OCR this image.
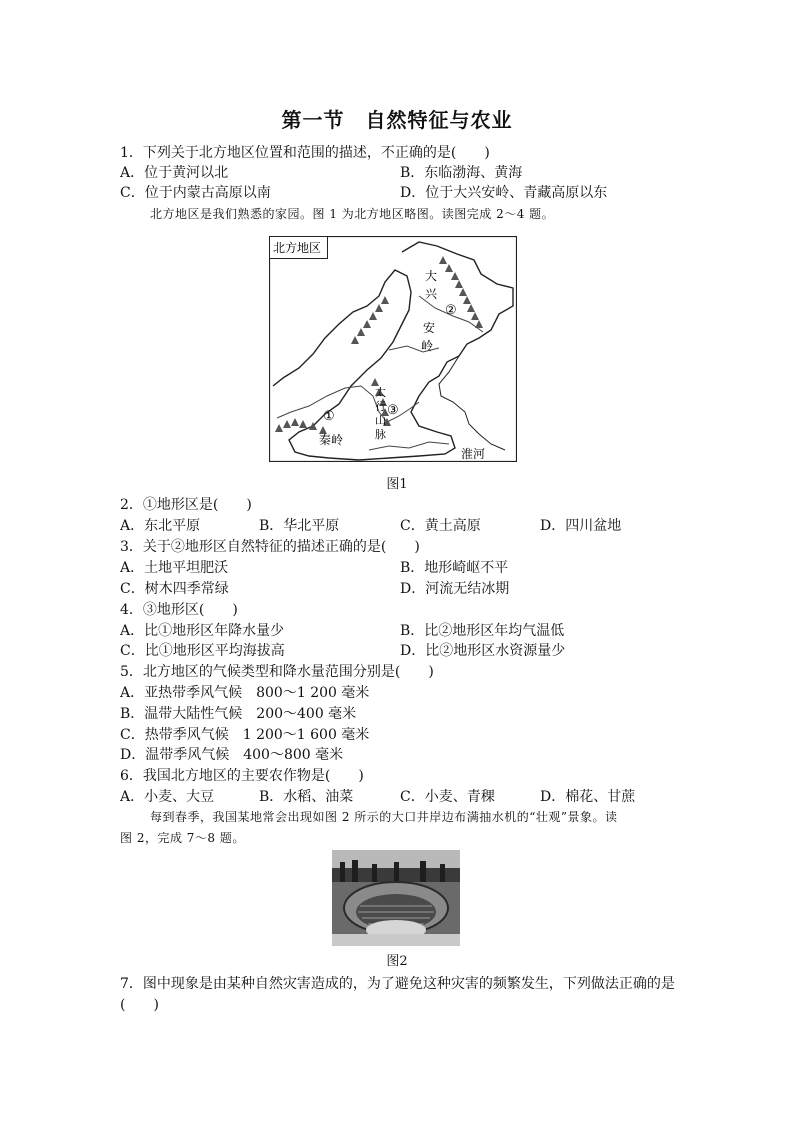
第一节　自然特征与农业
1．下列关于北方地区位置和范围的描述，不正确的是(　　)
A．位于黄河以北	B．东临渤海、黄海
C．位于内蒙古高原以南	D．位于大兴安岭、青藏高原以东
北方地区是我们熟悉的家园。图 1 为北方地区略图。读图完成 2～4 题。
北方地区
大
兴
安
岭
②
太
行
山
脉
③
①
秦岭
淮河
图1
2．①地形区是(　　)
A．东北平原	B．华北平原	C．黄土高原	D．四川盆地
3．关于②地形区自然特征的描述正确的是(　　)
A．土地平坦肥沃	B．地形崎岖不平
C．树木四季常绿	D．河流无结冰期
4．③地形区(　　)
A．比①地形区年降水量少	B．比②地形区年均气温低
C．比①地形区平均海拔高	D．比②地形区水资源量少
5．北方地区的气候类型和降水量范围分别是(　　)
A．亚热带季风气候　800～1 200 毫米
B．温带大陆性气候　200～400 毫米
C．热带季风气候　1 200～1 600 毫米
D．温带季风气候　400～800 毫米
6．我国北方地区的主要农作物是(　　)
A．小麦、大豆	B．水稻、油菜	C．小麦、青稞	D．棉花、甘蔗
每到春季，我国某地常会出现如图 2 所示的大口井岸边布满抽水机的“壮观”景象。读
图 2，完成 7～8 题。
图2
7．图中现象是由某种自然灾害造成的，为了避免这种灾害的频繁发生，下列做法正确的是
(　　)
